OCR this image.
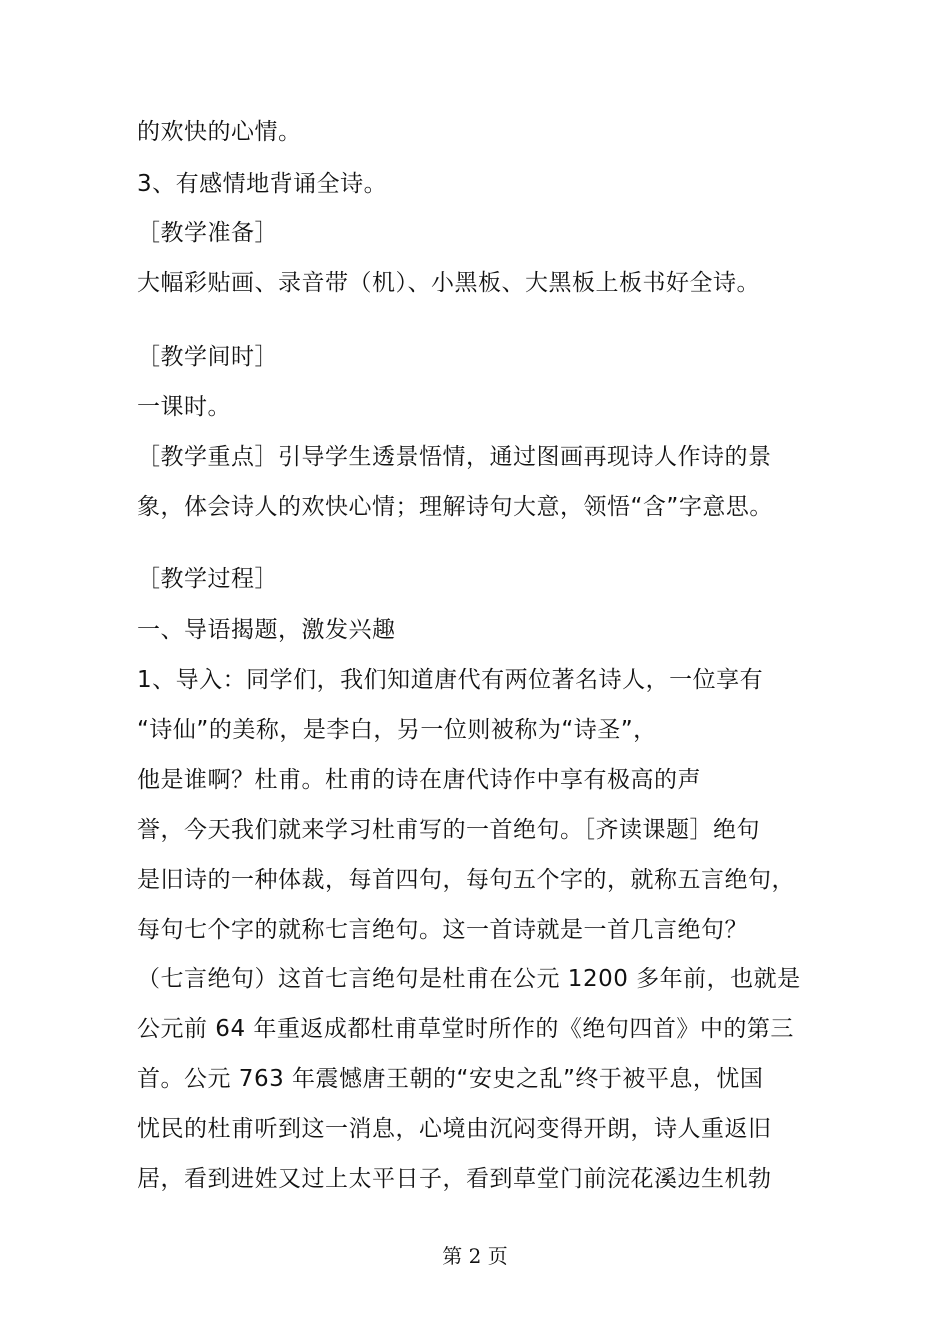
的欢快的心情。
3、有感情地背诵全诗。
［教学准备］
大幅彩贴画、录音带（机）、小黑板、大黑板上板书好全诗。
［教学间时］
一课时。
［教学重点］引导学生透景悟情，通过图画再现诗人作诗的景
象，体会诗人的欢快心情；理解诗句大意，领悟“含”字意思。
［教学过程］
一、导语揭题，激发兴趣
1、导入：同学们，我们知道唐代有两位著名诗人，一位享有
“诗仙”的美称，是李白，另一位则被称为“诗圣”，
他是谁啊？杜甫。杜甫的诗在唐代诗作中享有极高的声
誉，今天我们就来学习杜甫写的一首绝句。［齐读课题］绝句
是旧诗的一种体裁，每首四句，每句五个字的，就称五言绝句，
每句七个字的就称七言绝句。这一首诗就是一首几言绝句？
（七言绝句）这首七言绝句是杜甫在公元 1200 多年前，也就是
公元前 64 年重返成都杜甫草堂时所作的《绝句四首》中的第三
首。公元 763 年震憾唐王朝的“安史之乱”终于被平息，忧国
忧民的杜甫听到这一消息，心境由沉闷变得开朗，诗人重返旧
居，看到进姓又过上太平日子，看到草堂门前浣花溪边生机勃
第 2 页
